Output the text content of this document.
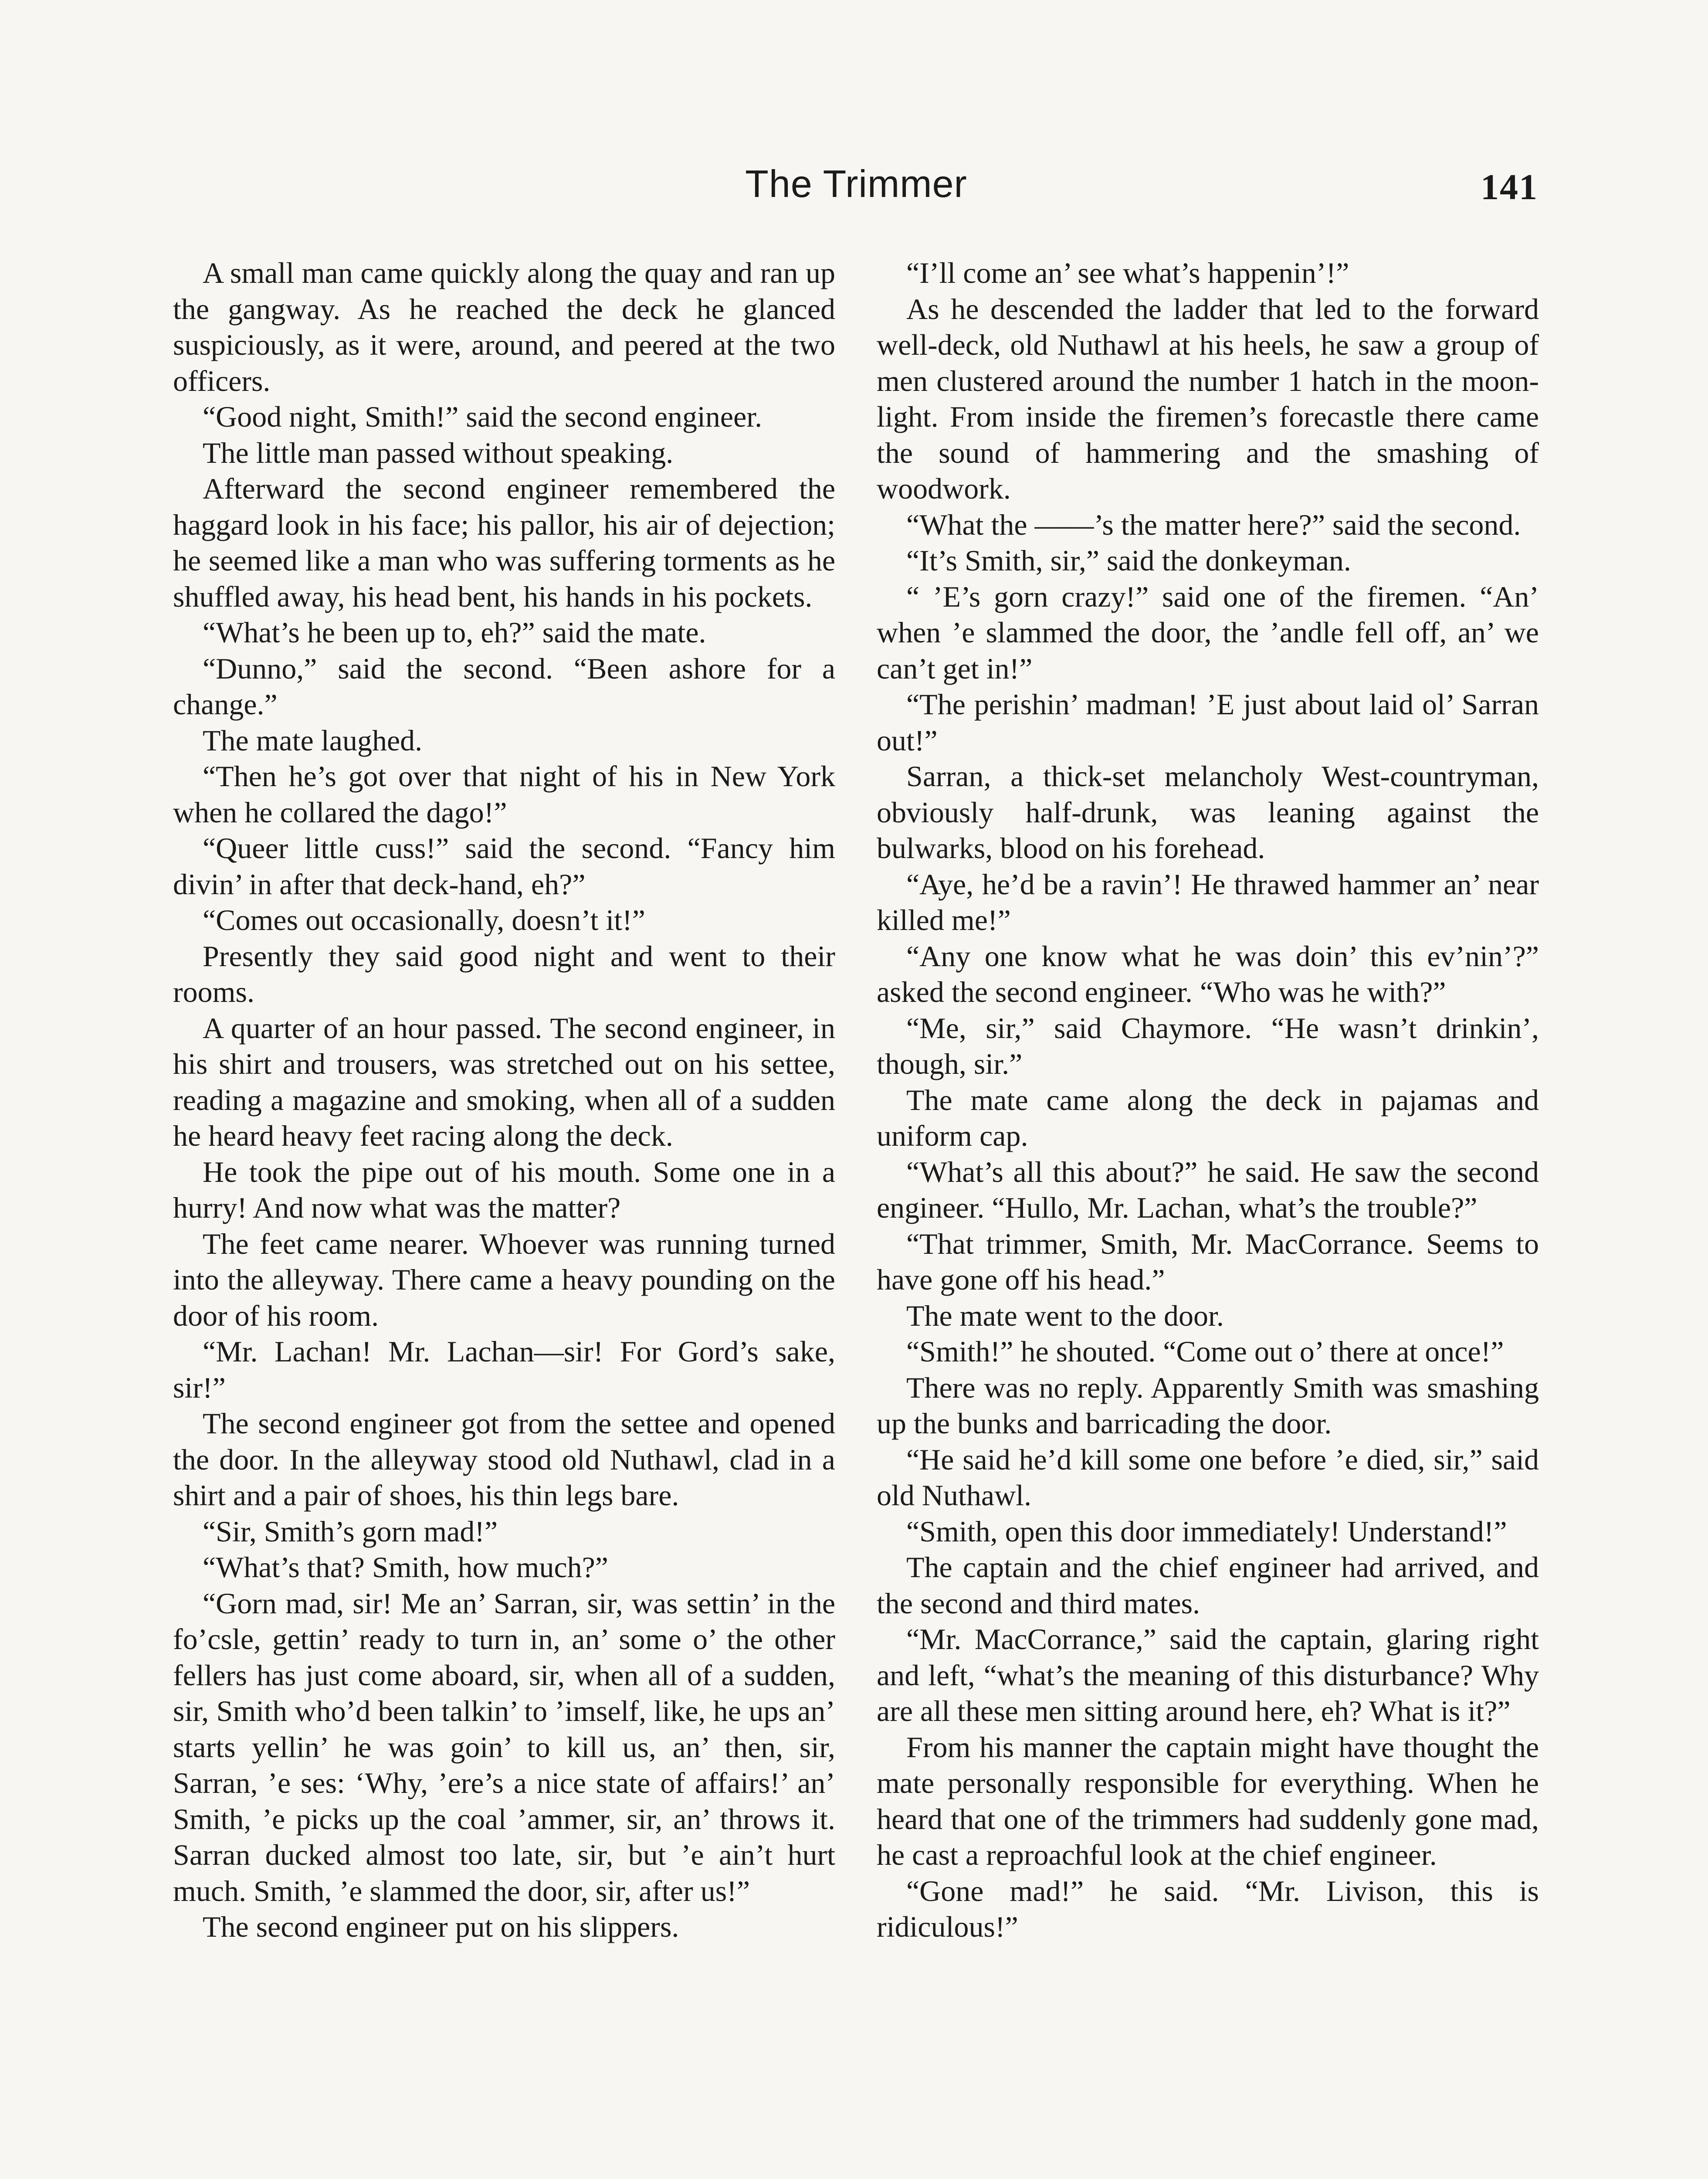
The Trimmer	141

A small man came quickly along the quay and ran up the gangway. As he reached the deck he glanced suspiciously, as it were, around, and peered at the two officers.

“Good night, Smith!” said the second engineer.

The little man passed without speaking.

Afterward the second engineer remembered the haggard look in his face; his pallor, his air of dejection; he seemed like a man who was suffering torments as he shuffled away, his head bent, his hands in his pockets.

“What’s he been up to, eh?” said the mate.

“Dunno,” said the second. “Been ashore for a change.”

The mate laughed.

“Then he’s got over that night of his in New York when he collared the dago!”

“Queer little cuss!” said the second. “Fancy him divin’ in after that deck-hand, eh?”

“Comes out occasionally, doesn’t it!”

Presently they said good night and went to their rooms.

A quarter of an hour passed. The second engineer, in his shirt and trousers, was stretched out on his settee, reading a magazine and smoking, when all of a sudden he heard heavy feet racing along the deck.

He took the pipe out of his mouth. Some one in a hurry! And now what was the matter?

The feet came nearer. Whoever was running turned into the alleyway. There came a heavy pounding on the door of his room.

“Mr. Lachan! Mr. Lachan—sir! For Gord’s sake, sir!”

The second engineer got from the settee and opened the door. In the alleyway stood old Nuthawl, clad in a shirt and a pair of shoes, his thin legs bare.

“Sir, Smith’s gorn mad!”

“What’s that? Smith, how much?”

“Gorn mad, sir! Me an’ Sarran, sir, was settin’ in the fo’csle, gettin’ ready to turn in, an’ some o’ the other fellers has just come aboard, sir, when all of a sudden, sir, Smith who’d been talkin’ to ’imself, like, he ups an’ starts yellin’ he was goin’ to kill us, an’ then, sir, Sarran, ’e ses: ‘Why, ’ere’s a nice state of affairs!’ an’ Smith, ’e picks up the coal ’ammer, sir, an’ throws it. Sarran ducked almost too late, sir, but ’e ain’t hurt much. Smith, ’e slammed the door, sir, after us!”

The second engineer put on his slippers.

“I’ll come an’ see what’s happenin’!”

As he descended the ladder that led to the forward well-deck, old Nuthawl at his heels, he saw a group of men clustered around the number 1 hatch in the moonlight. From inside the firemen’s forecastle there came the sound of hammering and the smashing of woodwork.

“What the ——’s the matter here?” said the second.

“It’s Smith, sir,” said the donkeyman.

“ ’E’s gorn crazy!” said one of the firemen. “An’ when ’e slammed the door, the ’andle fell off, an’ we can’t get in!”

“The perishin’ madman! ’E just about laid ol’ Sarran out!”

Sarran, a thick-set melancholy West-countryman, obviously half-drunk, was leaning against the bulwarks, blood on his forehead.

“Aye, he’d be a ravin’! He thrawed hammer an’ near killed me!”

“Any one know what he was doin’ this ev’nin’?” asked the second engineer. “Who was he with?”

“Me, sir,” said Chaymore. “He wasn’t drinkin’, though, sir.”

The mate came along the deck in pajamas and uniform cap.

“What’s all this about?” he said. He saw the second engineer. “Hullo, Mr. Lachan, what’s the trouble?”

“That trimmer, Smith, Mr. MacCorrance. Seems to have gone off his head.”

The mate went to the door.

“Smith!” he shouted. “Come out o’ there at once!”

There was no reply. Apparently Smith was smashing up the bunks and barricading the door.

“He said he’d kill some one before ’e died, sir,” said old Nuthawl.

“Smith, open this door immediately! Understand!”

The captain and the chief engineer had arrived, and the second and third mates.

“Mr. MacCorrance,” said the captain, glaring right and left, “what’s the meaning of this disturbance? Why are all these men sitting around here, eh? What is it?”

From his manner the captain might have thought the mate personally responsible for everything. When he heard that one of the trimmers had suddenly gone mad, he cast a reproachful look at the chief engineer.

“Gone mad!” he said. “Mr. Livison, this is ridiculous!”
